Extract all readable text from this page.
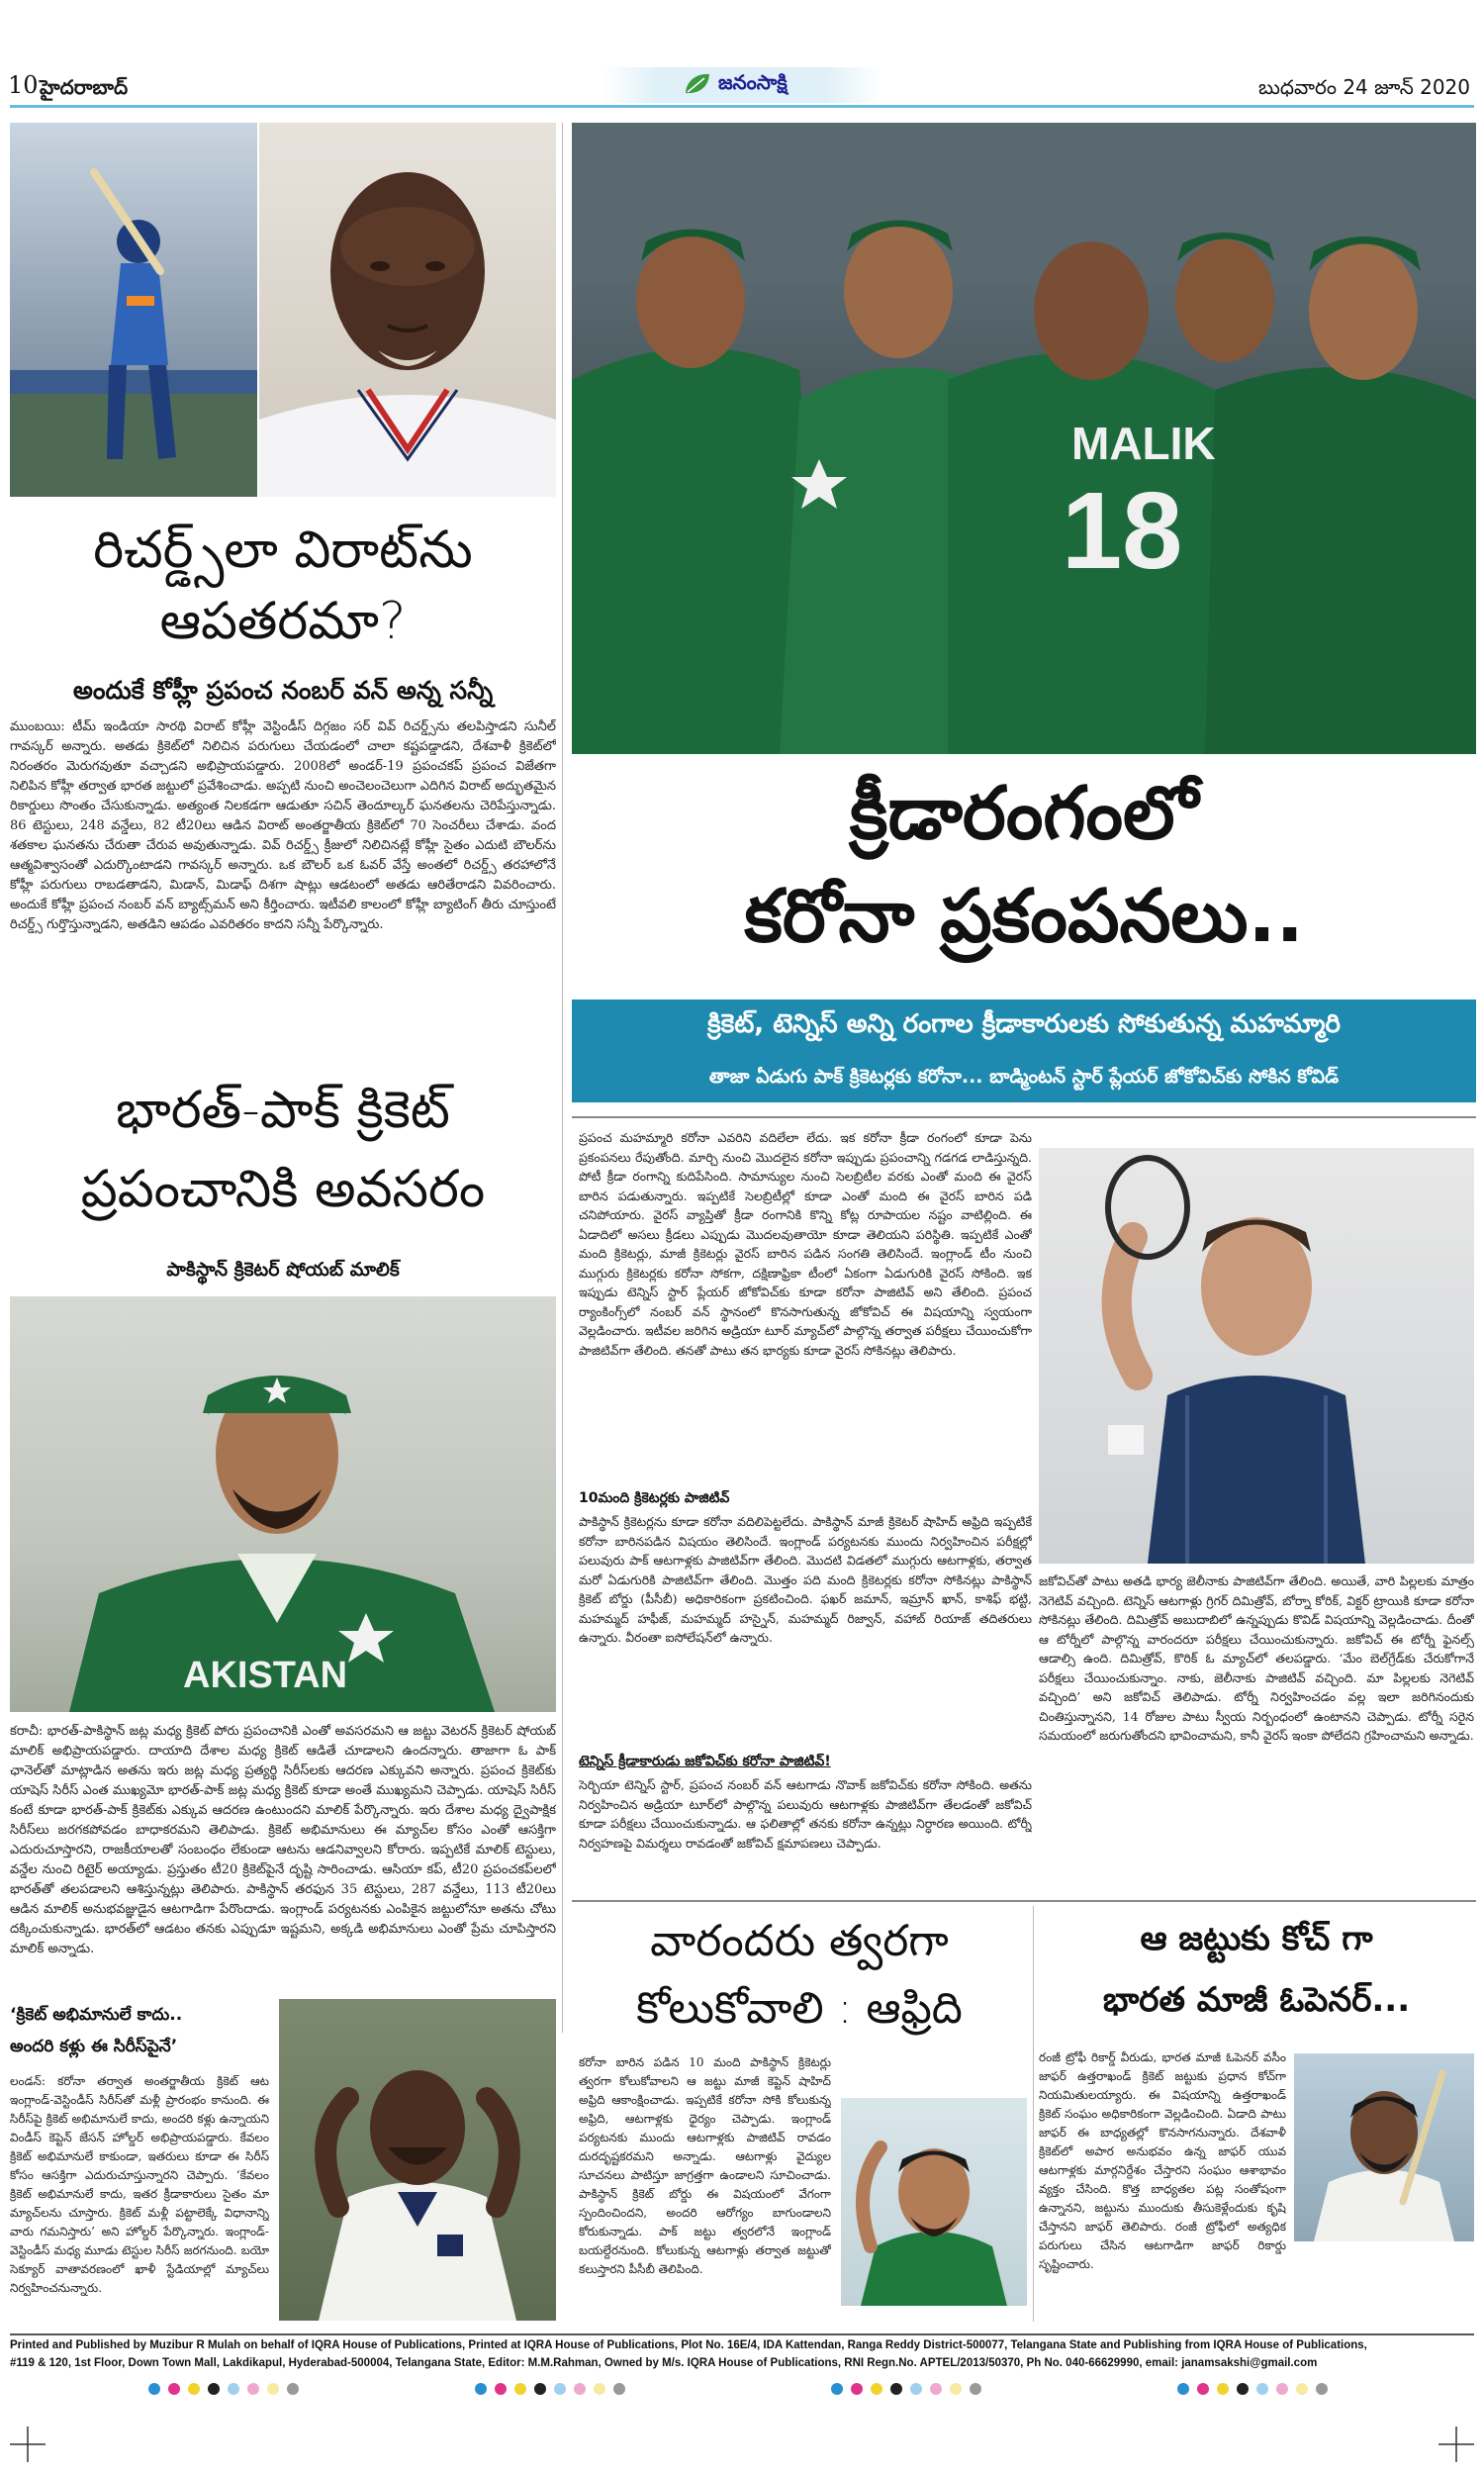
10 హైదరాబాద్	జనంసాక్షి	బుధవారం 24 జూన్ 2020
రిచర్డ్స్‌లా విరాట్‌ను
ఆపతరమా?
అందుకే కోహ్లీ ప్రపంచ నంబర్ వన్ అన్న సన్నీ
ముంబయి: టీమ్ ఇండియా సారథి విరాట్ కోహ్లీ వెస్టిండీస్ దిగ్గజం సర్ వివ్ రిచర్డ్స్‌ను తలపిస్తాడని సునీల్ గావస్కర్ అన్నారు. అతడు క్రికెట్‌లో నిలిచిన పరుగులు చేయడంలో చాలా కష్టపడ్డాడని, దేశవాళీ క్రికెట్‌లో నిరంతరం మెరుగవుతూ వచ్చాడని అభిప్రాయపడ్డారు. 2008లో అండర్‌-19 ప్రపంచకప్ ప్రపంచ విజేతగా నిలిపిన కోహ్లీ తర్వాత భారత జట్టులో ప్రవేశించాడు. అప్పటి నుంచి అంచెలంచెలుగా ఎదిగిన విరాట్ అద్భుతమైన రికార్డులు సొంతం చేసుకున్నాడు. అత్యంత నిలకడగా ఆడుతూ సచిన్ తెందూల్కర్ ఘనతలను చెరిపేస్తున్నాడు. 86 టెస్టులు, 248 వన్డేలు, 82 టీ20లు ఆడిన విరాట్ అంతర్జాతీయ క్రికెట్‌లో 70 సెంచరీలు చేశాడు. వంద శతకాల ఘనతను చేరుతా చేరువ అవుతున్నాడు. వివ్ రిచర్డ్స్ క్రీజులో నిలిచినట్లే కోహ్లీ సైతం ఎదుటి బౌలర్‌ను ఆత్మవిశ్వాసంతో ఎదుర్కొంటాడని గావస్కర్ అన్నారు. ఒక బౌలర్ ఒక ఓవర్ వేస్తే అంతలో రిచర్డ్స్ తరహాలోనే కోహ్లీ పరుగులు రాబడతాడని, మిడాన్, మిడాఫ్ దిశగా షాట్లు ఆడటంలో అతడు ఆరితేరాడని వివరించారు. అందుకే కోహ్లీ ప్రపంచ నంబర్ వన్ బ్యాట్స్‌మన్ అని కీర్తించారు. ఇటీవలి కాలంలో కోహ్లీ బ్యాటింగ్ తీరు చూస్తుంటే రిచర్డ్స్ గుర్తొస్తున్నాడని, అతడిని ఆపడం ఎవరితరం కాదని సన్నీ పేర్కొన్నారు.
భారత్-పాక్ క్రికెట్
ప్రపంచానికి అవసరం
పాకిస్థాన్ క్రికెటర్ షోయబ్ మాలిక్
AKISTAN
కరాచీ: భారత్-పాకిస్థాన్ జట్ల మధ్య క్రికెట్ పోరు ప్రపంచానికి ఎంతో అవసరమని ఆ జట్టు వెటరన్ క్రికెటర్ షోయబ్ మాలిక్ అభిప్రాయపడ్డారు. దాయాది దేశాల మధ్య క్రికెట్ ఆడితే చూడాలని ఉందన్నారు. తాజాగా ఓ పాక్ ఛానెల్‌తో మాట్లాడిన అతను ఇరు జట్ల మధ్య ప్రత్యర్థి సిరీస్‌లకు ఆదరణ ఎక్కువని అన్నారు. ప్రపంచ క్రికెట్‌కు యాషెస్ సిరీస్ ఎంత ముఖ్యమో భారత్-పాక్ జట్ల మధ్య క్రికెట్ కూడా అంతే ముఖ్యమని చెప్పాడు. యాషెస్ సిరీస్ కంటే కూడా భారత్-పాక్ క్రికెట్‌కు ఎక్కువ ఆదరణ ఉంటుందని మాలిక్ పేర్కొన్నారు. ఇరు దేశాల మధ్య ద్వైపాక్షిక సిరీస్‌లు జరగకపోవడం బాధాకరమని తెలిపాడు. క్రికెట్ అభిమానులు ఈ మ్యాచ్‌ల కోసం ఎంతో ఆసక్తిగా ఎదురుచూస్తారని, రాజకీయాలతో సంబంధం లేకుండా ఆటను ఆడనివ్వాలని కోరారు. ఇప్పటికే మాలిక్ టెస్టులు, వన్డేల నుంచి రిటైర్ అయ్యాడు. ప్రస్తుతం టీ20 క్రికెట్‌పైనే దృష్టి సారించాడు. ఆసియా కప్, టీ20 ప్రపంచకప్‌లలో భారత్‌తో తలపడాలని ఆశిస్తున్నట్లు తెలిపారు. పాకిస్థాన్ తరఫున 35 టెస్టులు, 287 వన్డేలు, 113 టీ20లు ఆడిన మాలిక్ అనుభవజ్ఞుడైన ఆటగాడిగా పేరొందాడు. ఇంగ్లాండ్ పర్యటనకు ఎంపికైన జట్టులోనూ అతను చోటు దక్కించుకున్నాడు. భారత్‌లో ఆడటం తనకు ఎప్పుడూ ఇష్టమని, అక్కడి అభిమానులు ఎంతో ప్రేమ చూపిస్తారని మాలిక్ అన్నాడు.
‘క్రికెట్ అభిమానులే కాదు..
అందరి కళ్లు ఈ సిరీస్‌పైనే’
లండన్: కరోనా తర్వాత అంతర్జాతీయ క్రికెట్ ఆట ఇంగ్లాండ్-వెస్టిండీస్ సిరీస్‌తో మళ్లీ ప్రారంభం కానుంది. ఈ సిరీస్‌పై క్రికెట్ అభిమానులే కాదు, అందరి కళ్లు ఉన్నాయని విండీస్ కెప్టెన్ జేసన్ హోల్డర్ అభిప్రాయపడ్డారు. కేవలం క్రికెట్ అభిమానులే కాకుండా, ఇతరులు కూడా ఈ సిరీస్ కోసం ఆసక్తిగా ఎదురుచూస్తున్నారని చెప్పారు. ‘కేవలం క్రికెట్ అభిమానులే కాదు, ఇతర క్రీడాకారులు సైతం మా మ్యాచ్‌లను చూస్తారు. క్రికెట్ మళ్లీ పట్టాలెక్కే విధానాన్ని వారు గమనిస్తారు’ అని హోల్డర్ పేర్కొన్నారు. ఇంగ్లాండ్-వెస్టిండీస్ మధ్య మూడు టెస్టుల సిరీస్ జరగనుంది. బయో సెక్యూర్ వాతావరణంలో ఖాళీ స్టేడియాల్లో మ్యాచ్‌లు నిర్వహించనున్నారు.
MALIK
18
క్రీడారంగంలో
కరోనా ప్రకంపనలు..
క్రికెట్, టెన్నిస్ అన్ని రంగాల క్రీడాకారులకు సోకుతున్న మహమ్మారి
తాజా ఏడుగు పాక్ క్రికెటర్లకు కరోనా... బాడ్మింటన్ స్టార్ ప్లేయర్ జోకోవిచ్‌కు సోకిన కోవిడ్
ప్రపంచ మహమ్మారి కరోనా ఎవరిని వదిలేలా లేదు. ఇక కరోనా క్రీడా రంగంలో కూడా పెను ప్రకంపనలు రేపుతోంది. మార్చి నుంచి మొదలైన కరోనా ఇప్పుడు ప్రపంచాన్ని గడగడ లాడిస్తున్నది. పోటీ క్రీడా రంగాన్ని కుదిపేసింది. సామాన్యుల నుంచి సెలబ్రిటీల వరకు ఎంతో మంది ఈ వైరస్ బారిన పడుతున్నారు. ఇప్పటికే సెలబ్రిటీల్లో కూడా ఎంతో మంది ఈ వైరస్ బారిన పడి చనిపోయారు. వైరస్ వ్యాప్తితో క్రీడా రంగానికి కొన్ని కోట్ల రూపాయల నష్టం వాటిల్లింది. ఈ ఏడాదిలో అసలు క్రీడలు ఎప్పుడు మొదలవుతాయో కూడా తెలియని పరిస్థితి. ఇప్పటికే ఎంతో మంది క్రికెటర్లు, మాజీ క్రికెటర్లు వైరస్ బారిన పడిన సంగతి తెలిసిందే. ఇంగ్లాండ్ టీం నుంచి ముగ్గురు క్రికెటర్లకు కరోనా సోకగా, దక్షిణాఫ్రికా టీంలో ఏకంగా ఏడుగురికి వైరస్ సోకింది. ఇక ఇప్పుడు టెన్నిస్ స్టార్ ప్లేయర్ జోకోవిచ్‌కు కూడా కరోనా పాజిటివ్ అని తేలింది. ప్రపంచ ర్యాంకింగ్స్‌లో నంబర్ వన్ స్థానంలో కొనసాగుతున్న జోకోవిచ్ ఈ విషయాన్ని స్వయంగా వెల్లడించారు. ఇటీవల జరిగిన అడ్రియా టూర్ మ్యాచ్‌లో పాల్గొన్న తర్వాత పరీక్షలు చేయించుకోగా పాజిటివ్‌గా తేలింది. తనతో పాటు తన భార్యకు కూడా వైరస్ సోకినట్లు తెలిపారు.
10మంది క్రికెటర్లకు పాజిటివ్
పాకిస్థాన్ క్రికెటర్లను కూడా కరోనా వదిలిపెట్టలేదు. పాకిస్థాన్ మాజీ క్రికెటర్ షాహిద్ అఫ్రిది ఇప్పటికే కరోనా బారినపడిన విషయం తెలిసిందే. ఇంగ్లాండ్ పర్యటనకు ముందు నిర్వహించిన పరీక్షల్లో పలువురు పాక్ ఆటగాళ్లకు పాజిటివ్‌గా తేలింది. మొదటి విడతలో ముగ్గురు ఆటగాళ్లకు, తర్వాత మరో ఏడుగురికి పాజిటివ్‌గా తేలింది. మొత్తం పది మంది క్రికెటర్లకు కరోనా సోకినట్లు పాకిస్థాన్ క్రికెట్ బోర్డు (పీసీబీ) అధికారికంగా ప్రకటించింది. ఫఖర్ జమాన్, ఇమ్రాన్ ఖాన్, కాశిఫ్ భట్టి, మహమ్మద్ హఫీజ్, మహమ్మద్ హస్నైన్, మహమ్మద్ రిజ్వాన్, వహాబ్ రియాజ్ తదితరులు ఉన్నారు. వీరంతా ఐసోలేషన్‌లో ఉన్నారు.
టెన్నిస్ క్రీడాకారుడు జకోవిచ్‌కు కరోనా పాజిటివ్!
సెర్బియా టెన్నిస్ స్టార్, ప్రపంచ నంబర్ వన్ ఆటగాడు నొవాక్ జకోవిచ్‌కు కరోనా సోకింది. అతను నిర్వహించిన అడ్రియా టూర్‌లో పాల్గొన్న పలువురు ఆటగాళ్లకు పాజిటివ్‌గా తేలడంతో జకోవిచ్ కూడా పరీక్షలు చేయించుకున్నాడు. ఆ ఫలితాల్లో తనకు కరోనా ఉన్నట్లు నిర్ధారణ అయింది. టోర్నీ నిర్వహణపై విమర్శలు రావడంతో జకోవిచ్ క్షమాపణలు చెప్పాడు.
జకోవిచ్‌తో పాటు అతడి భార్య జెలీనాకు పాజిటివ్‌గా తేలింది. అయితే, వారి పిల్లలకు మాత్రం నెగెటివ్ వచ్చింది. టెన్నిస్ ఆటగాళ్లు గ్రిగర్ దిమిత్రోవ్, బోర్నా కోరిక్, విక్టర్ ట్రాయికి కూడా కరోనా సోకినట్లు తేలింది. దిమిత్రోవ్ అబుదాబిలో ఉన్నప్పుడు కొవిడ్ విషయాన్ని వెల్లడించాడు. దీంతో ఆ టోర్నీలో పాల్గొన్న వారందరూ పరీక్షలు చేయించుకున్నారు. జకోవిచ్ ఈ టోర్నీ ఫైనల్స్ ఆడాల్సి ఉంది. దిమిత్రోవ్, కొరిక్ ఓ మ్యాచ్‌లో తలపడ్డారు. ‘మేం బెల్‌గ్రేడ్‌కు చేరుకోగానే పరీక్షలు చేయించుకున్నాం. నాకు, జెలీనాకు పాజిటివ్ వచ్చింది. మా పిల్లలకు నెగెటివ్ వచ్చింది’ అని జకోవిచ్ తెలిపాడు. టోర్నీ నిర్వహించడం వల్ల ఇలా జరిగినందుకు చింతిస్తున్నానని, 14 రోజుల పాటు స్వీయ నిర్బంధంలో ఉంటానని చెప్పాడు. టోర్నీ సరైన సమయంలో జరుగుతోందని భావించామని, కానీ వైరస్ ఇంకా పోలేదని గ్రహించామని అన్నాడు.
వారందరు త్వరగా
కోలుకోవాలి : ఆఫ్రిది
కరోనా బారిన పడిన 10 మంది పాకిస్థాన్ క్రికెటర్లు త్వరగా కోలుకోవాలని ఆ జట్టు మాజీ కెప్టెన్ షాహిద్ అఫ్రిది ఆకాంక్షించాడు. ఇప్పటికే కరోనా సోకి కోలుకున్న అఫ్రిది, ఆటగాళ్లకు ధైర్యం చెప్పాడు. ఇంగ్లాండ్ పర్యటనకు ముందు ఆటగాళ్లకు పాజిటివ్ రావడం దురదృష్టకరమని అన్నాడు. ఆటగాళ్లు వైద్యుల సూచనలు పాటిస్తూ జాగ్రత్తగా ఉండాలని సూచించాడు. పాకిస్థాన్ క్రికెట్ బోర్డు ఈ విషయంలో వేగంగా స్పందించిందని, అందరి ఆరోగ్యం బాగుండాలని కోరుకున్నాడు. పాక్ జట్టు త్వరలోనే ఇంగ్లాండ్ బయల్దేరనుంది. కోలుకున్న ఆటగాళ్లు తర్వాత జట్టుతో కలుస్తారని పీసీబీ తెలిపింది.
ఆ జట్టుకు కోచ్ గా
భారత మాజీ ఓపెనర్...
రంజీ ట్రోఫీ రికార్డ్ వీరుడు, భారత మాజీ ఓపెనర్ వసీం జాఫర్ ఉత్తరాఖండ్ క్రికెట్ జట్టుకు ప్రధాన కోచ్‌గా నియమితులయ్యారు. ఈ విషయాన్ని ఉత్తరాఖండ్ క్రికెట్ సంఘం అధికారికంగా వెల్లడించింది. ఏడాది పాటు జాఫర్ ఈ బాధ్యతల్లో కొనసాగనున్నారు. దేశవాళీ క్రికెట్‌లో అపార అనుభవం ఉన్న జాఫర్ యువ ఆటగాళ్లకు మార్గనిర్దేశం చేస్తారని సంఘం ఆశాభావం వ్యక్తం చేసింది. కొత్త బాధ్యతల పట్ల సంతోషంగా ఉన్నానని, జట్టును ముందుకు తీసుకెళ్లేందుకు కృషి చేస్తానని జాఫర్ తెలిపారు. రంజీ ట్రోఫీలో అత్యధిక పరుగులు చేసిన ఆటగాడిగా జాఫర్ రికార్డు సృష్టించారు.
Printed and Published by Muzibur R Mulah on behalf of IQRA House of Publications, Printed at IQRA House of Publications, Plot No. 16E/4, IDA Kattendan, Ranga Reddy District-500077, Telangana State and Publishing from IQRA House of Publications,
#119 & 120, 1st Floor, Down Town Mall, Lakdikapul, Hyderabad-500004, Telangana State, Editor: M.M.Rahman, Owned by M/s. IQRA House of Publications, RNI Regn.No. APTEL/2013/50370, Ph No. 040-66629990, email: janamsakshi@gmail.com
